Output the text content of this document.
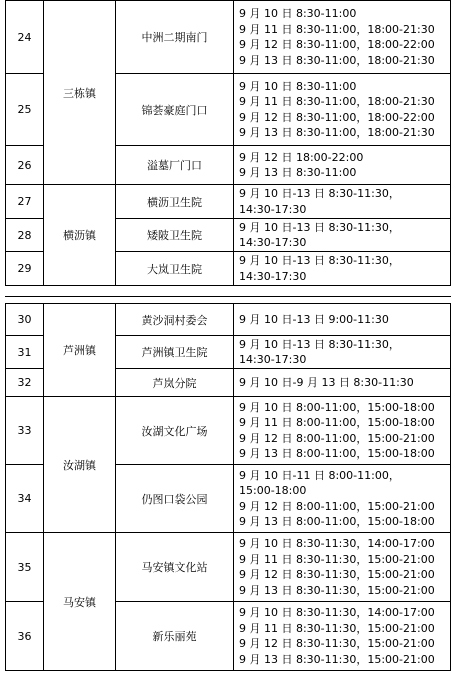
24	三栋镇	中洲二期南门	9 月 10 日 8:30-11:00
9 月 11 日 8:30-11:00，18:00-21:30
9 月 12 日 8:30-11:00，18:00-22:00
9 月 13 日 8:30-11:00，18:00-21:30

25		锦荟豪庭门口	9 月 10 日 8:30-11:00
9 月 11 日 8:30-11:00，18:00-21:30
9 月 12 日 8:30-11:00，18:00-22:00
9 月 13 日 8:30-11:00，18:00-21:30

26		溢墓厂门口	9 月 12 日 18:00-22:00
9 月 13 日 8:30-11:00

27	横沥镇	横沥卫生院	9 月 10 日-13 日 8:30-11:30，
14:30-17:30

28		矮陂卫生院	9 月 10 日-13 日 8:30-11:30，
14:30-17:30

29		大岚卫生院	9 月 10 日-13 日 8:30-11:30，
14:30-17:30
30	芦洲镇	黄沙洞村委会	9 月 10 日-13 日 9:00-11:30

31		芦洲镇卫生院	9 月 10 日-13 日 8:30-11:30，
14:30-17:30

32		芦岚分院	9 月 10 日-9 月 13 日 8:30-11:30

33	汝湖镇	汝湖文化广场	9 月 10 日 8:00-11:00，15:00-18:00
9 月 11 日 8:00-11:00，15:00-18:00
9 月 12 日 8:00-11:00，15:00-21:00
9 月 13 日 8:00-11:00，15:00-18:00

34		仍图口袋公园	9 月 10 日-11 日 8:00-11:00，
15:00-18:00
9 月 12 日 8:00-11:00，15:00-21:00
9 月 13 日 8:00-11:00，15:00-18:00

35	马安镇	马安镇文化站	9 月 10 日 8:30-11:30，14:00-17:00
9 月 11 日 8:30-11:30，15:00-21:00
9 月 12 日 8:30-11:30，15:00-21:00
9 月 13 日 8:30-11:30，15:00-21:00

36		新乐丽苑	9 月 10 日 8:30-11:30，14:00-17:00
9 月 11 日 8:30-11:30，15:00-21:00
9 月 12 日 8:30-11:30，15:00-21:00
9 月 13 日 8:30-11:30，15:00-21:00
